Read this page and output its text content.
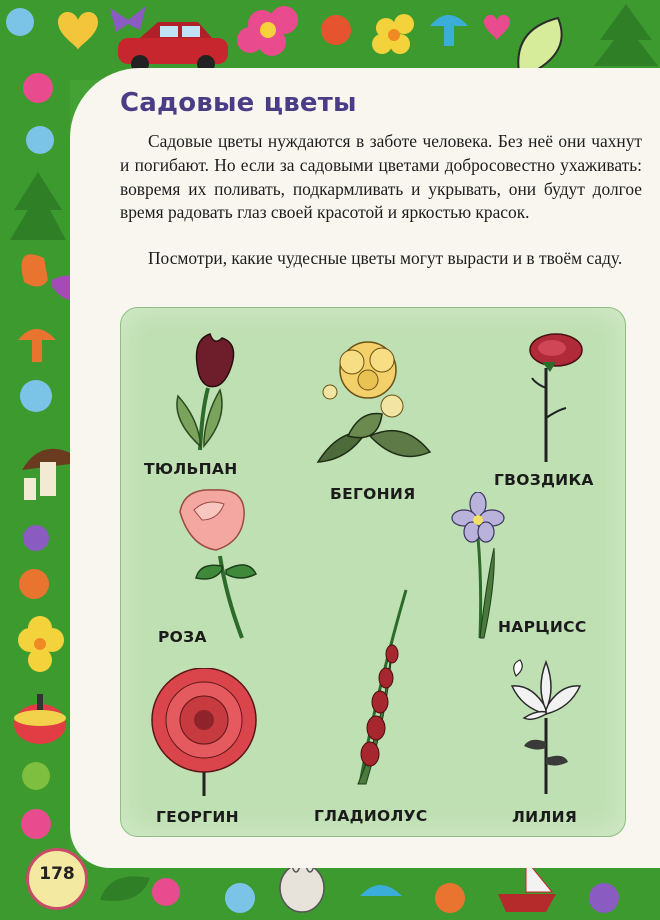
Садовые цветы

Садовые цветы нуждаются в заботе человека. Без неё они чахнут и погибают. Но если за садовыми цветами добросовестно ухаживать: вовремя их поливать, подкармливать и укрывать, они будут долгое время радовать глаз своей красотой и яркостью красок.

Посмотри, какие чудесные цветы могут вырасти и в твоём саду.

ТЮЛЬПАН
БЕГОНИЯ
ГВОЗДИКА
РОЗА
НАРЦИСС
ГЕОРГИН	ГЛАДИОЛУС	ЛИЛИЯ
178
